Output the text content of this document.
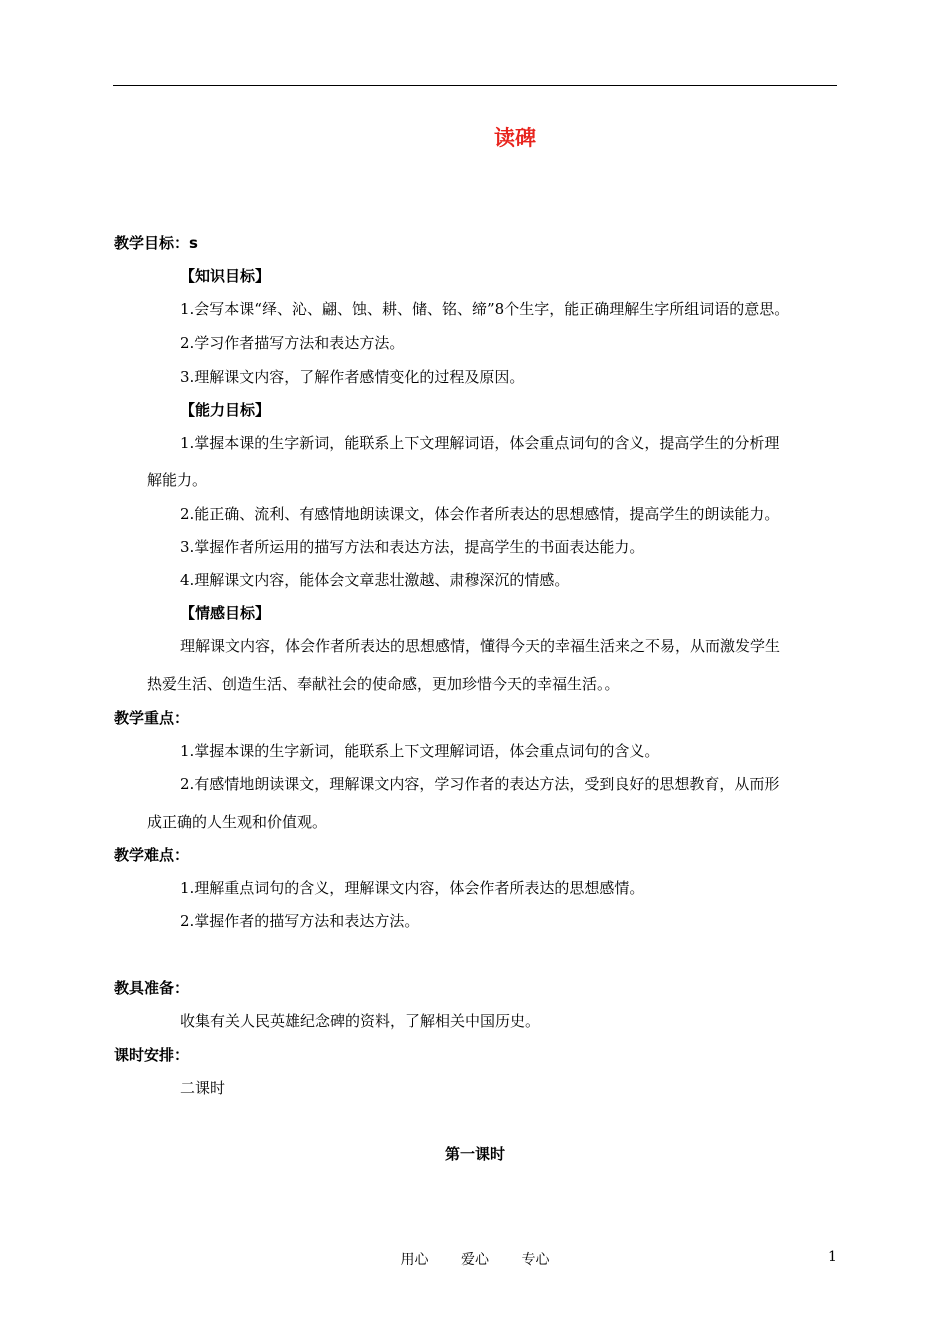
读碑
教学目标：s
【知识目标】
1.会写本课“绎、沁、翩、蚀、耕、储、铭、缔”8个生字，能正确理解生字所组词语的意思。
2.学习作者描写方法和表达方法。
3.理解课文内容，了解作者感情变化的过程及原因。
【能力目标】
1.掌握本课的生字新词，能联系上下文理解词语，体会重点词句的含义，提高学生的分析理
解能力。
2.能正确、流利、有感情地朗读课文，体会作者所表达的思想感情，提高学生的朗读能力。
3.掌握作者所运用的描写方法和表达方法，提高学生的书面表达能力。
4.理解课文内容，能体会文章悲壮激越、肃穆深沉的情感。
【情感目标】
理解课文内容，体会作者所表达的思想感情，懂得今天的幸福生活来之不易，从而激发学生
热爱生活、创造生活、奉献社会的使命感，更加珍惜今天的幸福生活。。
教学重点：
1.掌握本课的生字新词，能联系上下文理解词语，体会重点词句的含义。
2.有感情地朗读课文，理解课文内容，学习作者的表达方法，受到良好的思想教育，从而形
成正确的人生观和价值观。
教学难点：
1.理解重点词句的含义，理解课文内容，体会作者所表达的思想感情。
2.掌握作者的描写方法和表达方法。
教具准备：
收集有关人民英雄纪念碑的资料，了解相关中国历史。
课时安排：
二课时
第一课时
用心 爱心 专心	1
